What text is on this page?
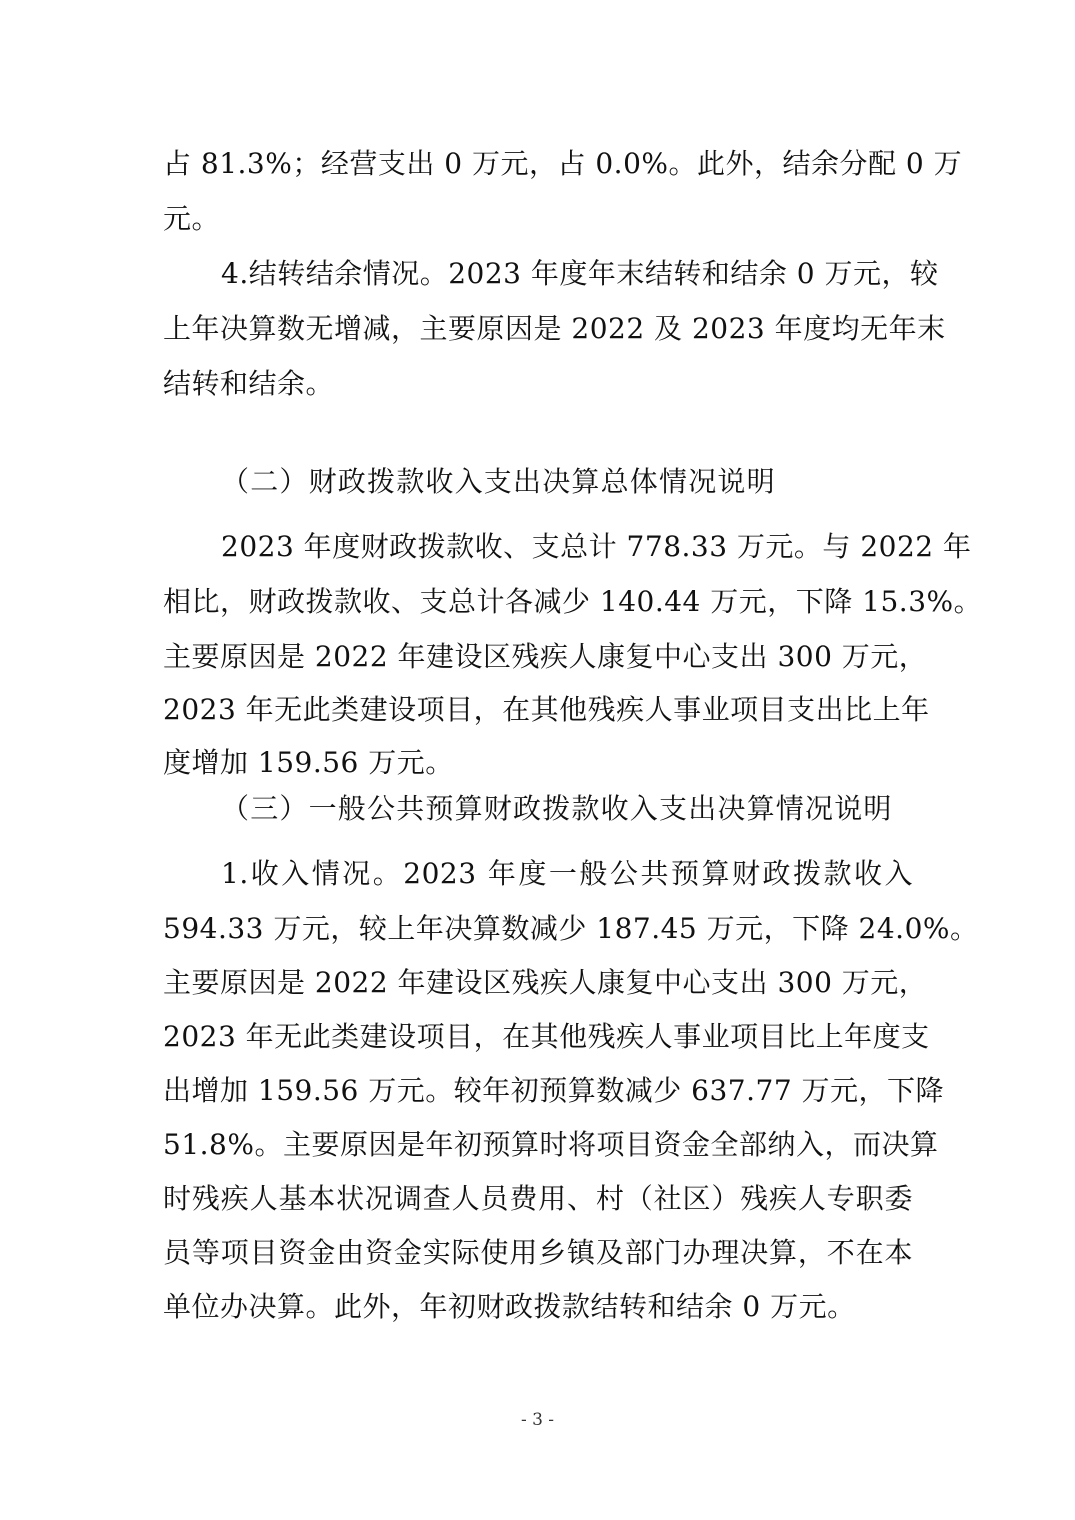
占 81.3%；经营支出 0 万元，占 0.0%。此外，结余分配 0 万
元。
4.结转结余情况。2023 年度年末结转和结余 0 万元，较
上年决算数无增减，主要原因是 2022 及 2023 年度均无年末
结转和结余。
（二）财政拨款收入支出决算总体情况说明
2023 年度财政拨款收、支总计 778.33 万元。与 2022 年
相比，财政拨款收、支总计各减少 140.44 万元，下降 15.3%。
主要原因是 2022 年建设区残疾人康复中心支出 300 万元，
2023 年无此类建设项目，在其他残疾人事业项目支出比上年
度增加 159.56 万元。
（三）一般公共预算财政拨款收入支出决算情况说明
1.收入情况。2023 年度一般公共预算财政拨款收入
594.33 万元，较上年决算数减少 187.45 万元，下降 24.0%。
主要原因是 2022 年建设区残疾人康复中心支出 300 万元，
2023 年无此类建设项目，在其他残疾人事业项目比上年度支
出增加 159.56 万元。较年初预算数减少 637.77 万元，下降
51.8%。主要原因是年初预算时将项目资金全部纳入，而决算
时残疾人基本状况调查人员费用、村（社区）残疾人专职委
员等项目资金由资金实际使用乡镇及部门办理决算，不在本
单位办决算。此外，年初财政拨款结转和结余 0 万元。
- 3 -
